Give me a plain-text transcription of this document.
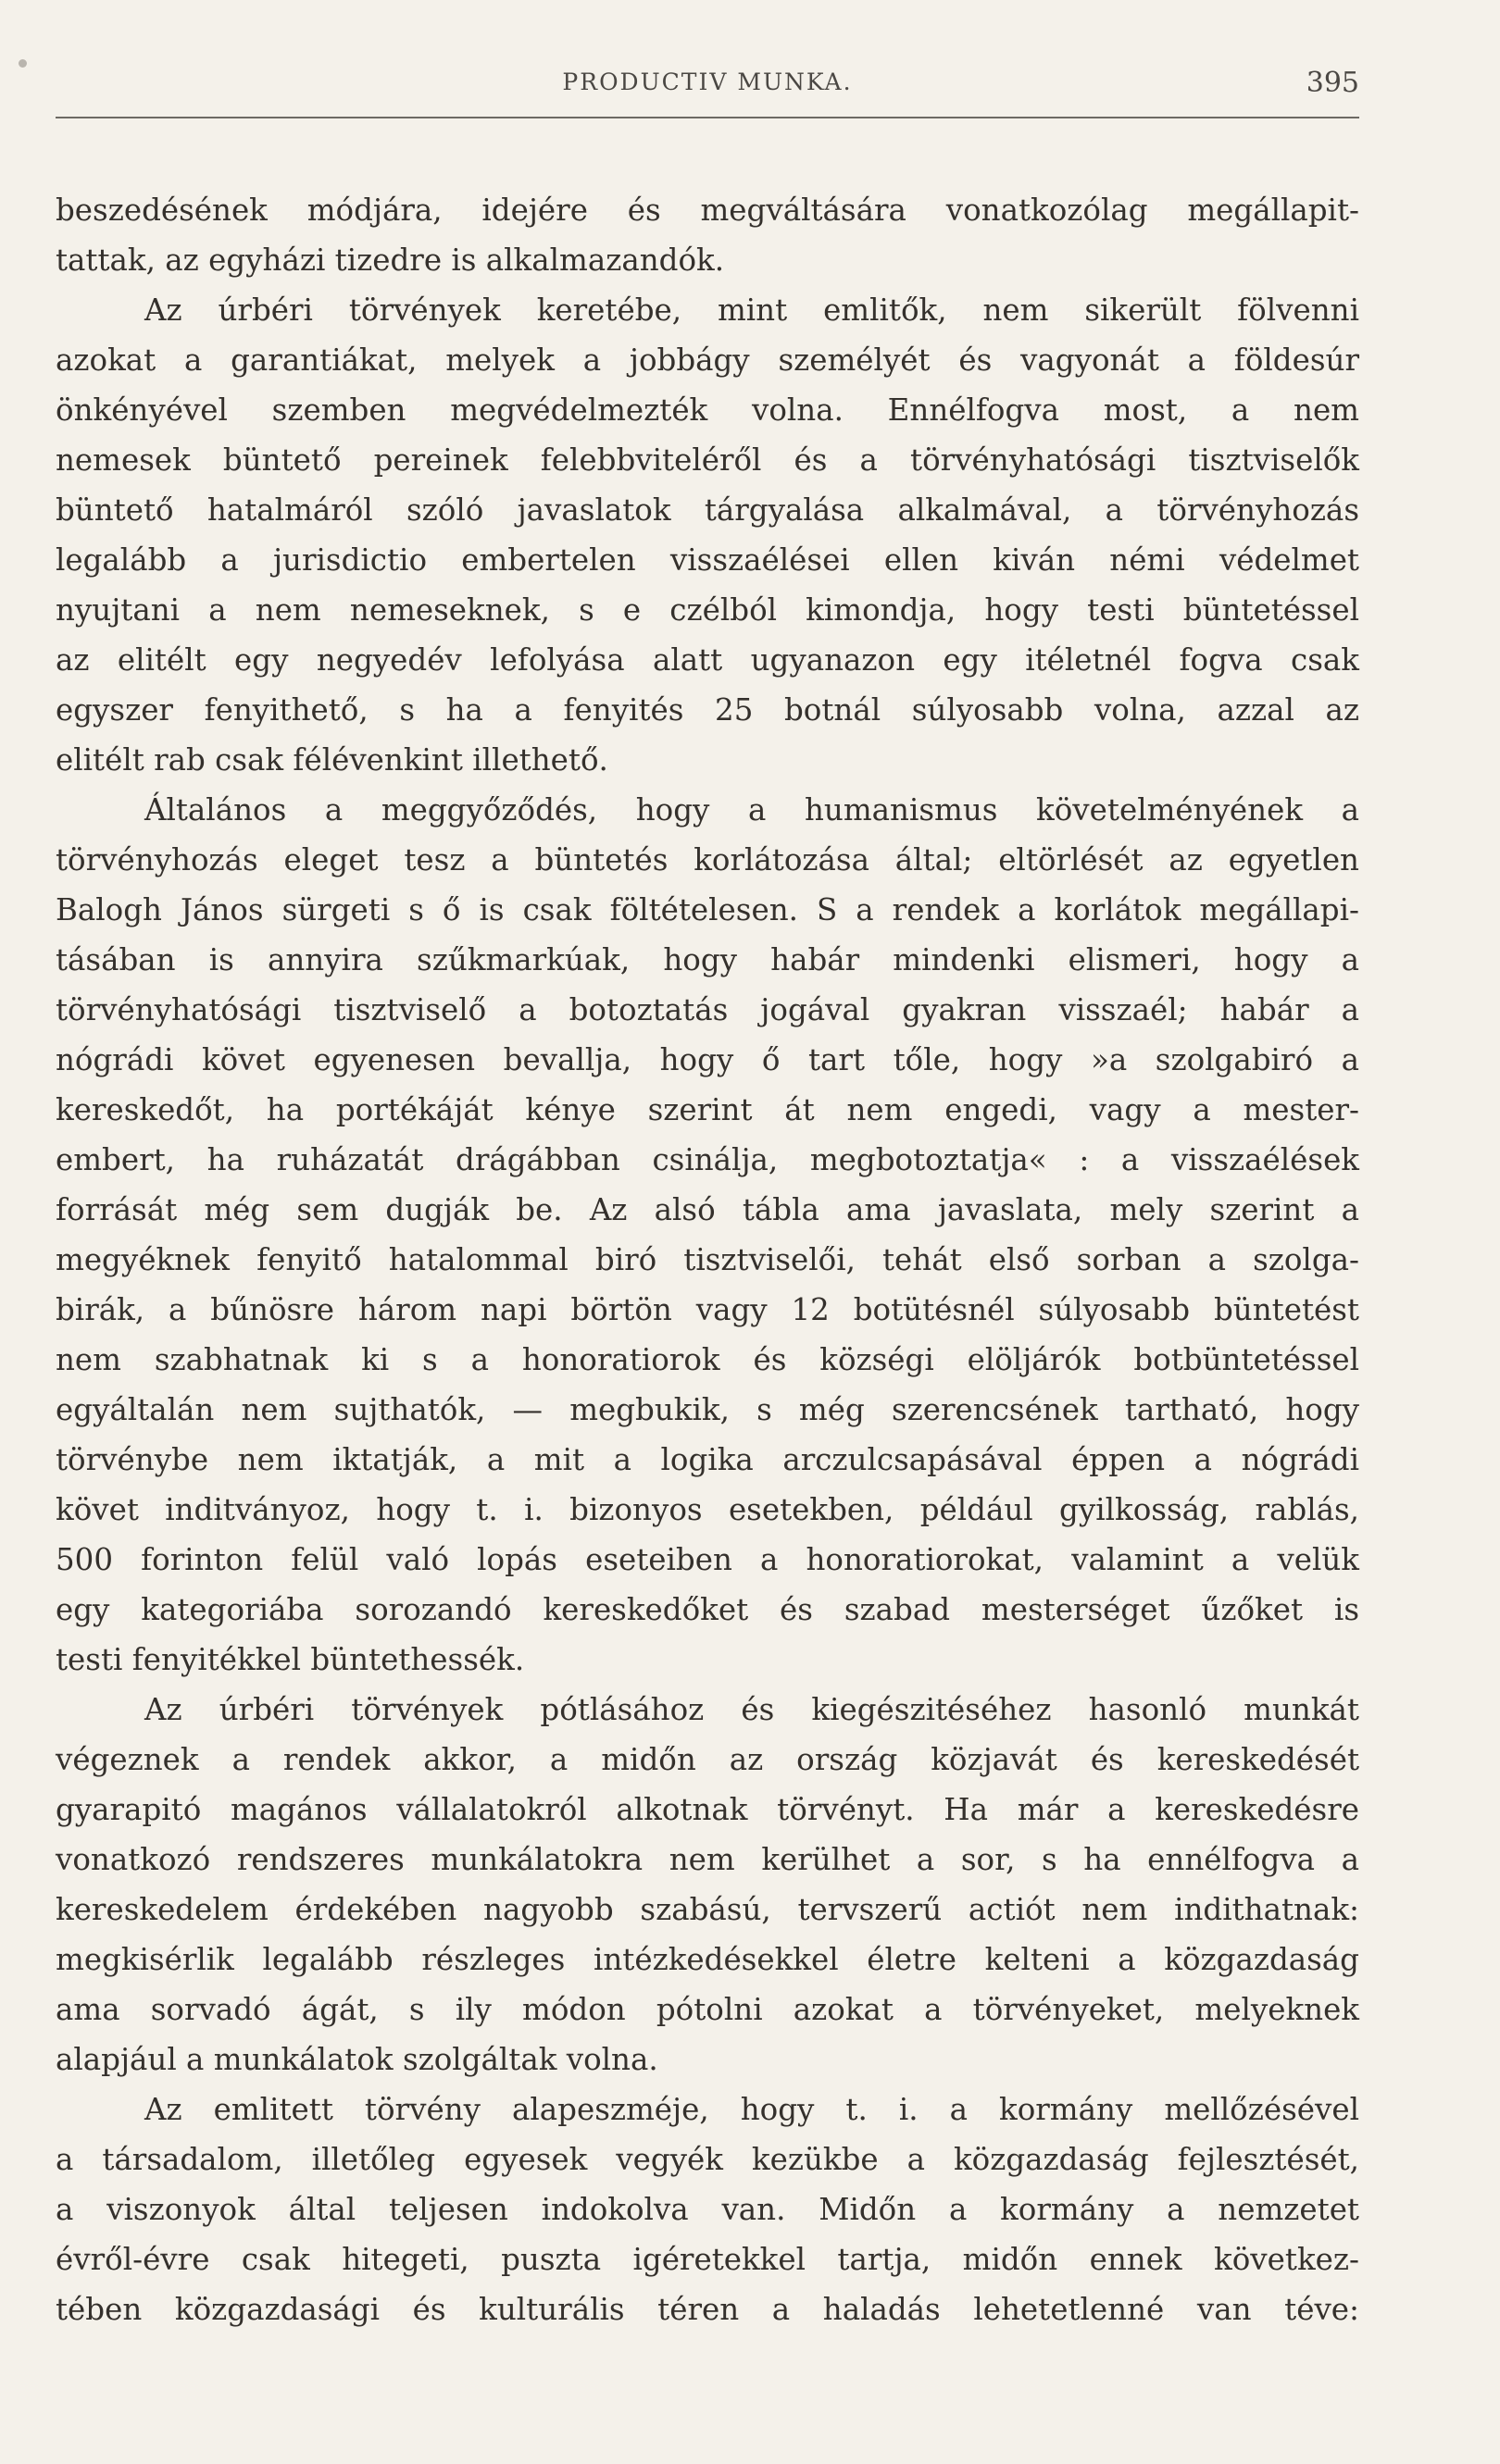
PRODUCTIV MUNKA.	395
beszedésének módjára, idejére és megváltására vonatkozólag megállapit-
tattak, az egyházi tizedre is alkalmazandók.
Az úrbéri törvények keretébe, mint emlitők, nem sikerült fölvenni
azokat a garantiákat, melyek a jobbágy személyét és vagyonát a földesúr
önkényével szemben megvédelmezték volna. Ennélfogva most, a nem
nemesek büntető pereinek felebbviteléről és a törvényhatósági tisztviselők
büntető hatalmáról szóló javaslatok tárgyalása alkalmával, a törvényhozás
legalább a jurisdictio embertelen visszaélései ellen kiván némi védelmet
nyujtani a nem nemeseknek, s e czélból kimondja, hogy testi büntetéssel
az elitélt egy negyedév lefolyása alatt ugyanazon egy itéletnél fogva csak
egyszer fenyithető, s ha a fenyités 25 botnál súlyosabb volna, azzal az
elitélt rab csak félévenkint illethető.
Általános a meggyőződés, hogy a humanismus követelményének a
törvényhozás eleget tesz a büntetés korlátozása által; eltörlését az egyetlen
Balogh János sürgeti s ő is csak föltételesen. S a rendek a korlátok megállapi-
tásában is annyira szűkmarkúak, hogy habár mindenki elismeri, hogy a
törvényhatósági tisztviselő a botoztatás jogával gyakran visszaél; habár a
nógrádi követ egyenesen bevallja, hogy ő tart tőle, hogy »a szolgabiró a
kereskedőt, ha portékáját kénye szerint át nem engedi, vagy a mester-
embert, ha ruházatát drágábban csinálja, megbotoztatja« : a visszaélések
forrását még sem dugják be. Az alsó tábla ama javaslata, mely szerint a
megyéknek fenyitő hatalommal biró tisztviselői, tehát első sorban a szolga-
birák, a bűnösre három napi börtön vagy 12 botütésnél súlyosabb büntetést
nem szabhatnak ki s a honoratiorok és községi elöljárók botbüntetéssel
egyáltalán nem sujthatók, — megbukik, s még szerencsének tartható, hogy
törvénybe nem iktatják, a mit a logika arczulcsapásával éppen a nógrádi
követ inditványoz, hogy t. i. bizonyos esetekben, például gyilkosság, rablás,
500 forinton felül való lopás eseteiben a honoratiorokat, valamint a velük
egy kategoriába sorozandó kereskedőket és szabad mesterséget űzőket is
testi fenyitékkel büntethessék.
Az úrbéri törvények pótlásához és kiegészitéséhez hasonló munkát
végeznek a rendek akkor, a midőn az ország közjavát és kereskedését
gyarapitó magános vállalatokról alkotnak törvényt. Ha már a kereskedésre
vonatkozó rendszeres munkálatokra nem kerülhet a sor, s ha ennélfogva a
kereskedelem érdekében nagyobb szabású, tervszerű actiót nem indithatnak:
megkisérlik legalább részleges intézkedésekkel életre kelteni a közgazdaság
ama sorvadó ágát, s ily módon pótolni azokat a törvényeket, melyeknek
alapjául a munkálatok szolgáltak volna.
Az emlitett törvény alapeszméje, hogy t. i. a kormány mellőzésével
a társadalom, illetőleg egyesek vegyék kezükbe a közgazdaság fejlesztését,
a viszonyok által teljesen indokolva van. Midőn a kormány a nemzetet
évről-évre csak hitegeti, puszta igéretekkel tartja, midőn ennek következ-
tében közgazdasági és kulturális téren a haladás lehetetlenné van téve:
